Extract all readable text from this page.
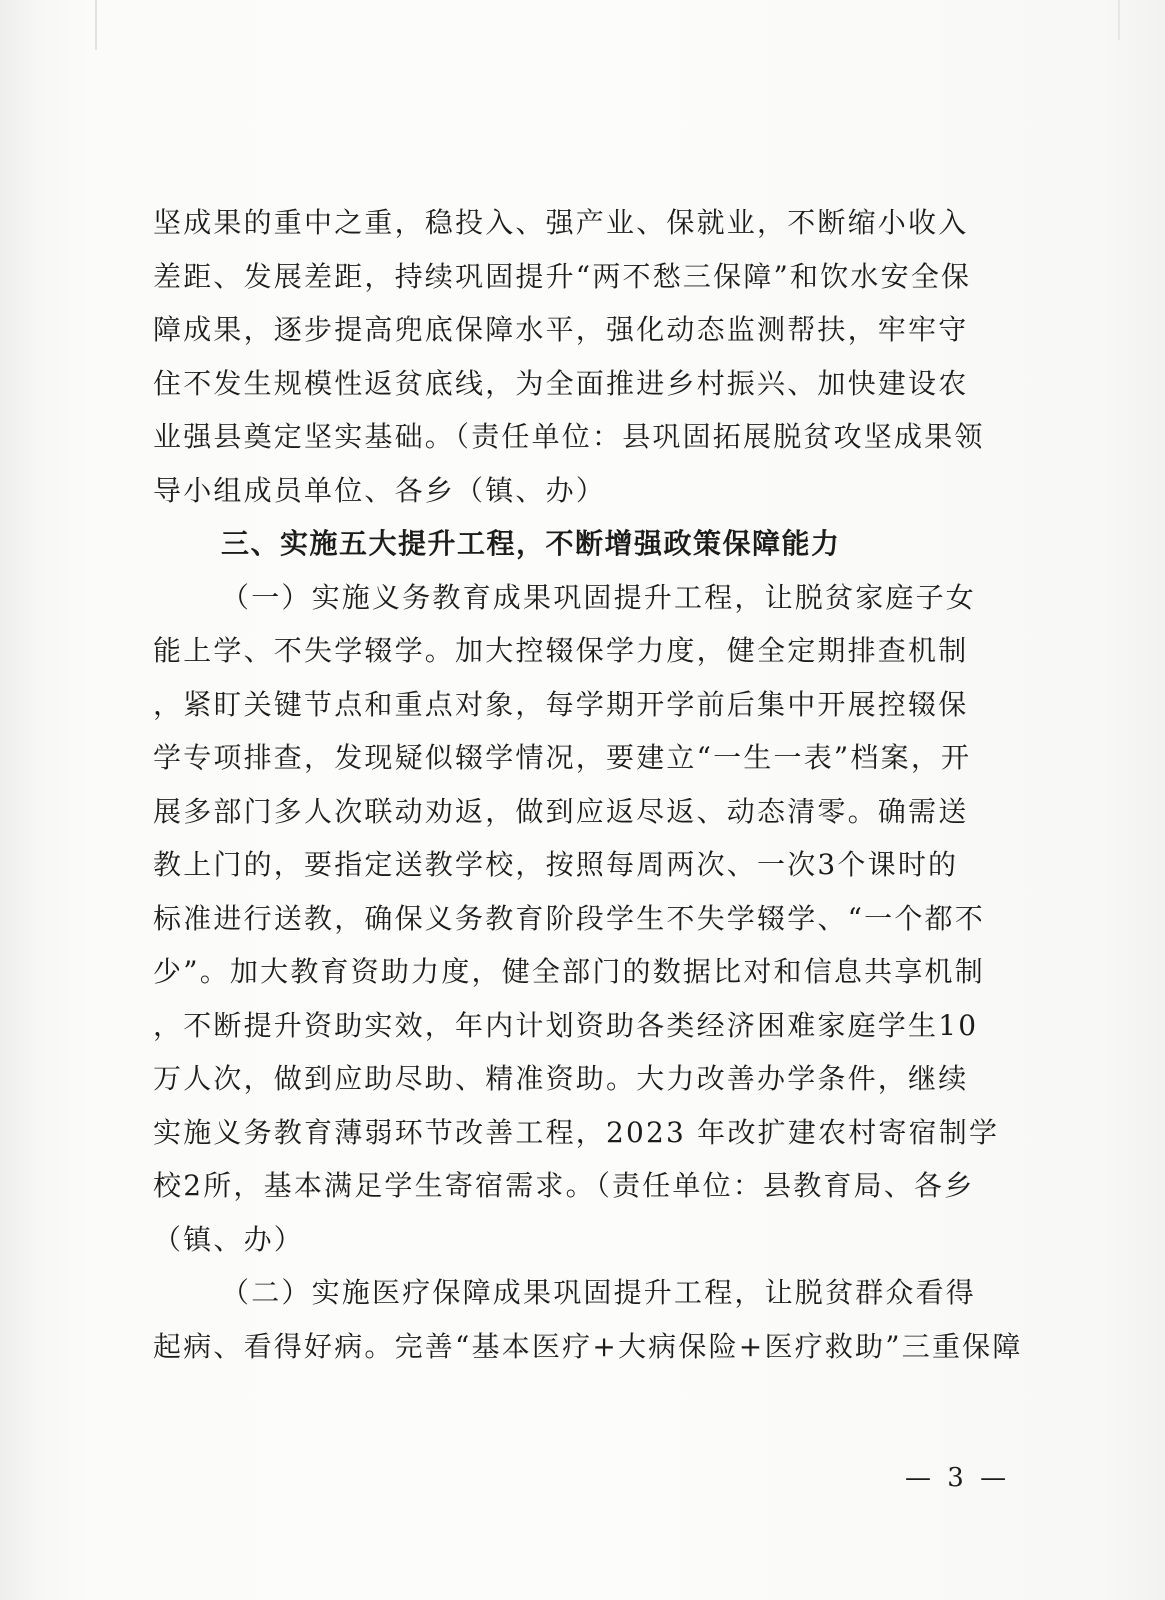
坚成果的重中之重，稳投入、强产业、保就业，不断缩小收入
差距、发展差距，持续巩固提升“两不愁三保障”和饮水安全保
障成果，逐步提高兜底保障水平，强化动态监测帮扶，牢牢守
住不发生规模性返贫底线，为全面推进乡村振兴、加快建设农
业强县奠定坚实基础。（责任单位：县巩固拓展脱贫攻坚成果领
导小组成员单位、各乡（镇、办）
三、实施五大提升工程，不断增强政策保障能力
（一）实施义务教育成果巩固提升工程，让脱贫家庭子女
能上学、不失学辍学。加大控辍保学力度，健全定期排查机制
，紧盯关键节点和重点对象，每学期开学前后集中开展控辍保
学专项排查，发现疑似辍学情况，要建立“一生一表”档案，开
展多部门多人次联动劝返，做到应返尽返、动态清零。确需送
教上门的，要指定送教学校，按照每周两次、一次3个课时的
标准进行送教，确保义务教育阶段学生不失学辍学、“一个都不
少”。加大教育资助力度，健全部门的数据比对和信息共享机制
，不断提升资助实效，年内计划资助各类经济困难家庭学生10
万人次，做到应助尽助、精准资助。大力改善办学条件，继续
实施义务教育薄弱环节改善工程，2023 年改扩建农村寄宿制学
校2所，基本满足学生寄宿需求。（责任单位：县教育局、各乡
（镇、办）
（二）实施医疗保障成果巩固提升工程，让脱贫群众看得
起病、看得好病。完善“基本医疗+大病保险+医疗救助”三重保障
— 3 —
